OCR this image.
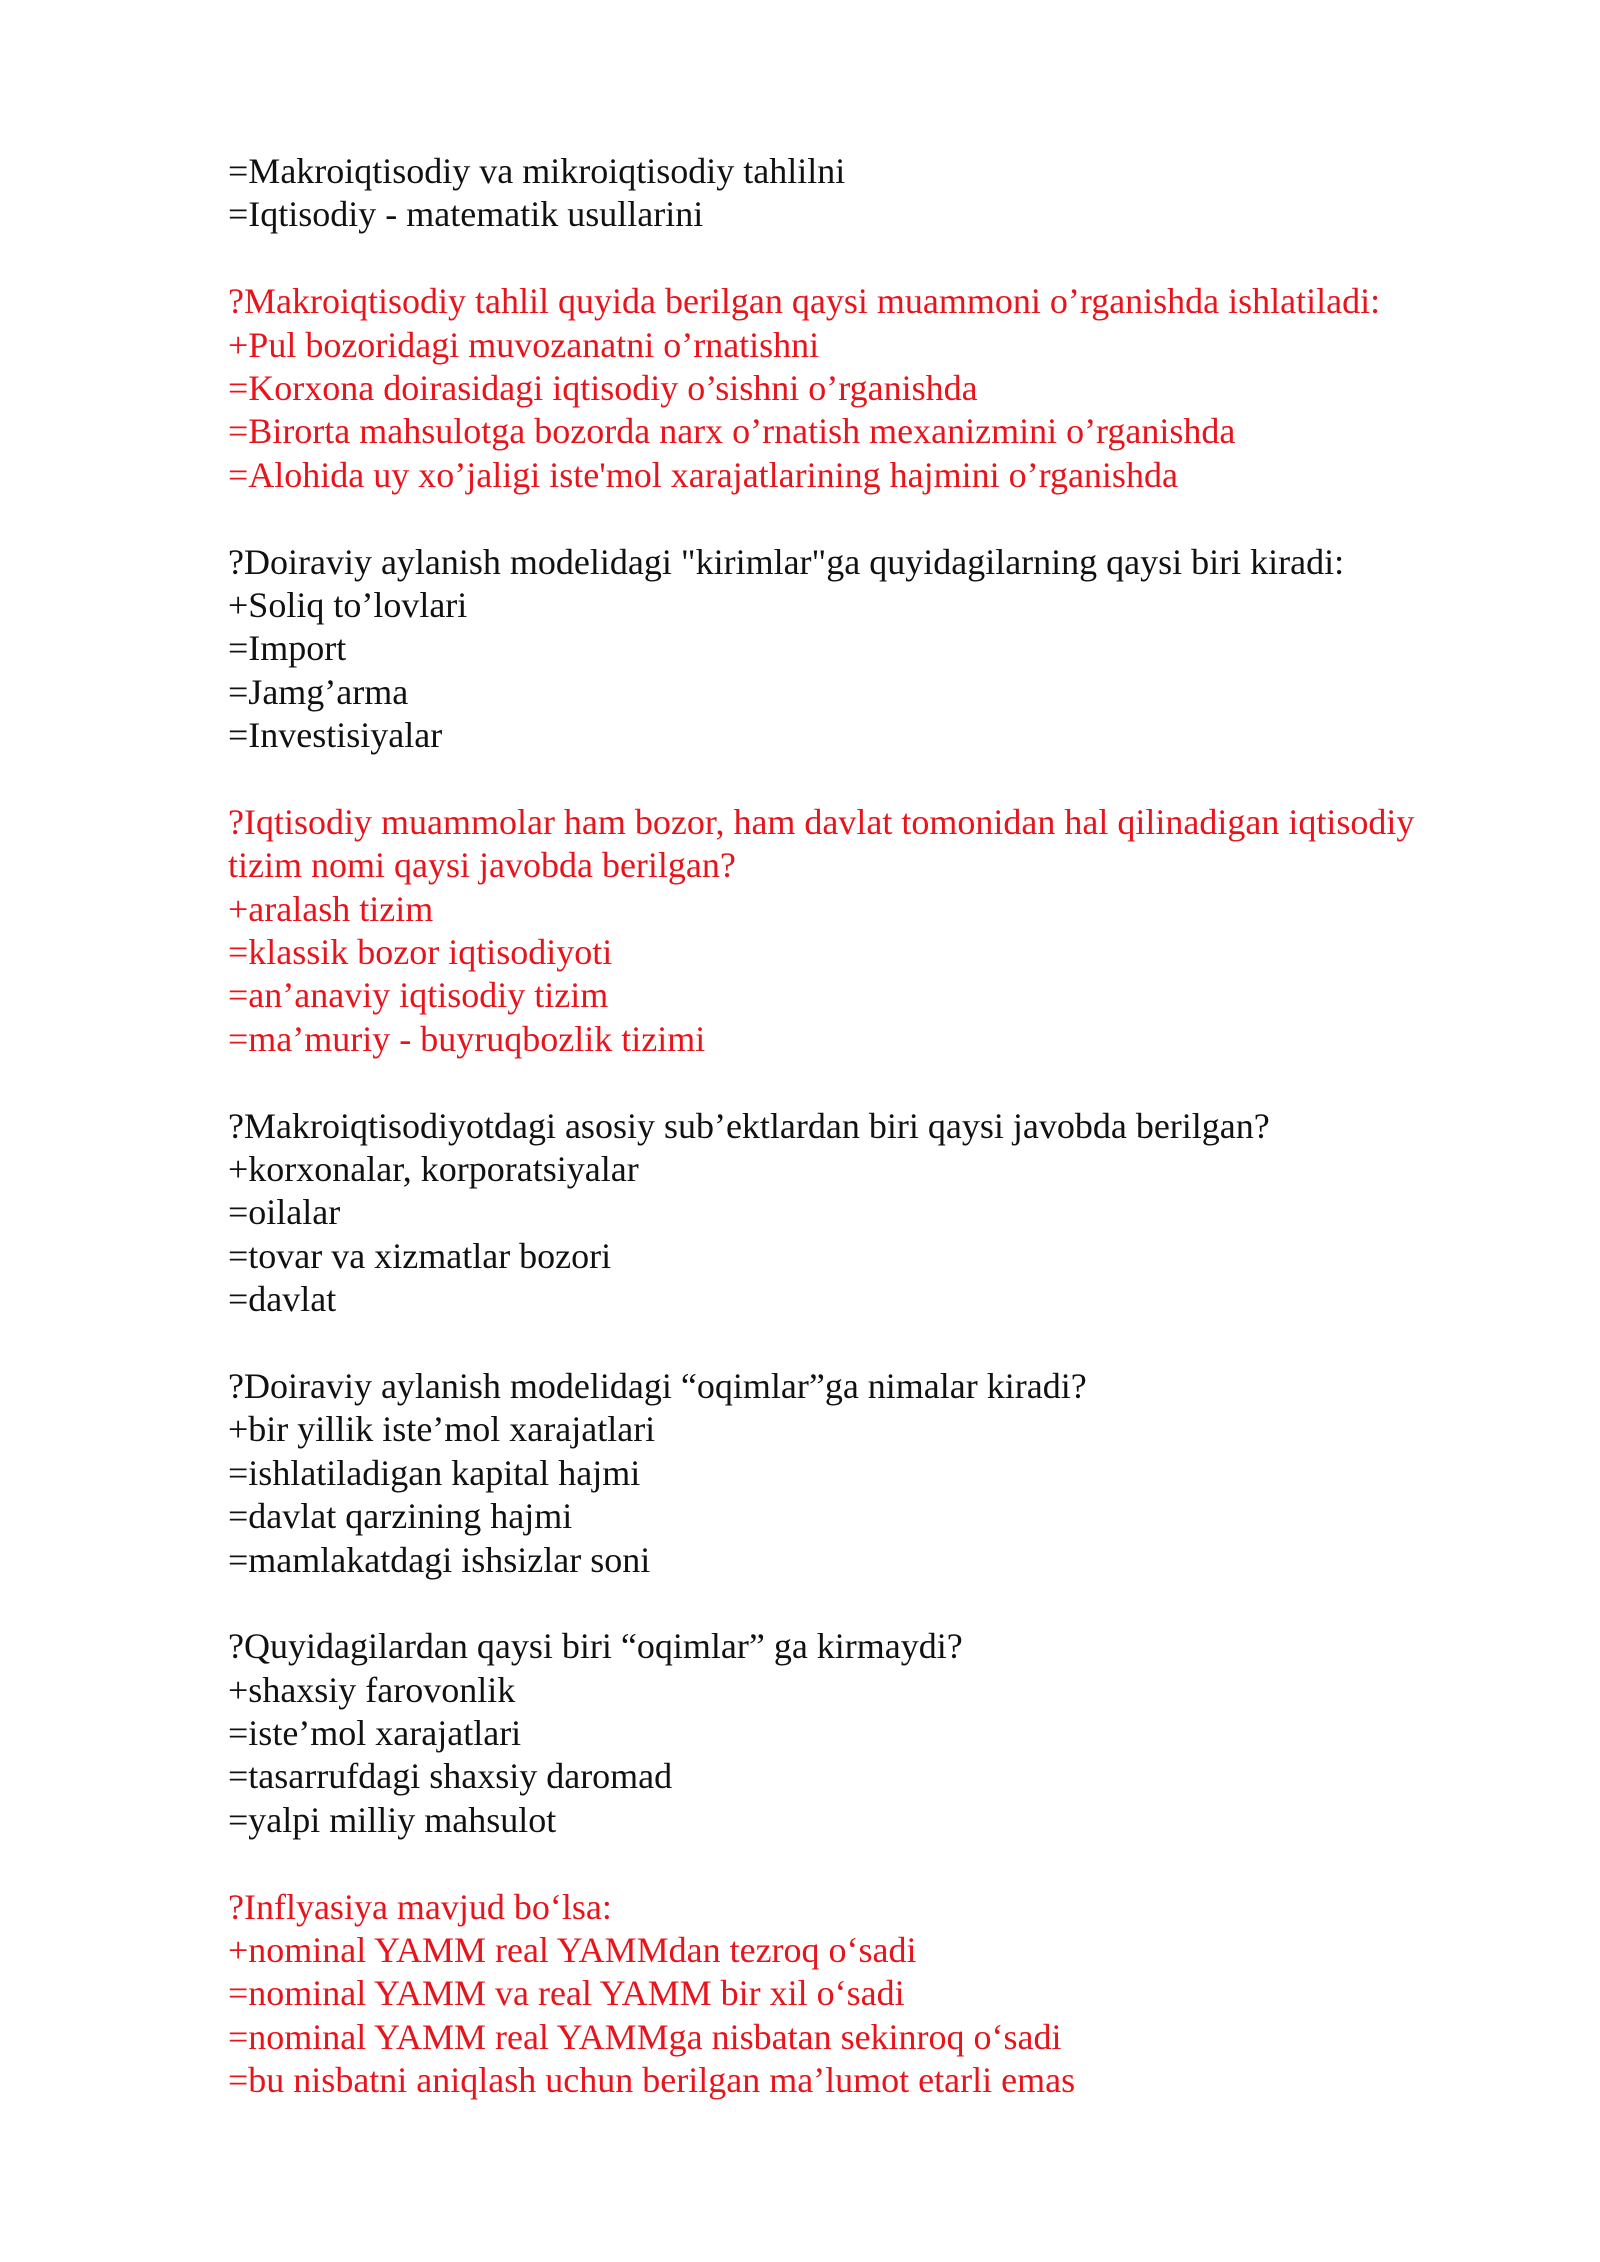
=Makroiqtisodiy va mikroiqtisodiy tahlilni
=Iqtisodiy - matematik usullarini
?Makroiqtisodiy tahlil quyida berilgan qaysi muammoni o’rganishda ishlatiladi:
+Pul bozoridagi muvozanatni o’rnatishni
=Korxona doirasidagi iqtisodiy o’sishni o’rganishda
=Birorta mahsulotga bozorda narx o’rnatish mexanizmini o’rganishda
=Alohida uy xo’jaligi iste'mol xarajatlarining hajmini o’rganishda
?Doiraviy aylanish modelidagi "kirimlar"ga quyidagilarning qaysi biri kiradi:
+Soliq to’lovlari
=Import
=Jamg’arma
=Investisiyalar
?Iqtisodiy muammolar ham bozor, ham davlat tomonidan hal qilinadigan iqtisodiy
tizim nomi qaysi javobda berilgan?
+aralash tizim
=klassik bozor iqtisodiyoti
=an’anaviy iqtisodiy tizim
=ma’muriy - buyruqbozlik tizimi
?Makroiqtisodiyotdagi asosiy sub’ektlardan biri qaysi javobda berilgan?
+korxonalar, korporatsiyalar
=oilalar
=tovar va xizmatlar bozori
=davlat
?Doiraviy aylanish modelidagi “oqimlar”ga nimalar kiradi?
+bir yillik iste’mol xarajatlari
=ishlatiladigan kapital hajmi
=davlat qarzining hajmi
=mamlakatdagi ishsizlar soni
?Quyidagilardan qaysi biri “oqimlar” ga kirmaydi?
+shaxsiy farovonlik
=iste’mol xarajatlari
=tasarrufdagi shaxsiy daromad
=yalpi milliy mahsulot
?Inflyasiya mavjud bo‘lsa:
+nominal YAMM real YAMMdan tezroq o‘sadi
=nominal YAMM va real YAMM bir xil o‘sadi
=nominal YAMM real YAMMga nisbatan sekinroq o‘sadi
=bu nisbatni aniqlash uchun berilgan ma’lumot etarli emas
